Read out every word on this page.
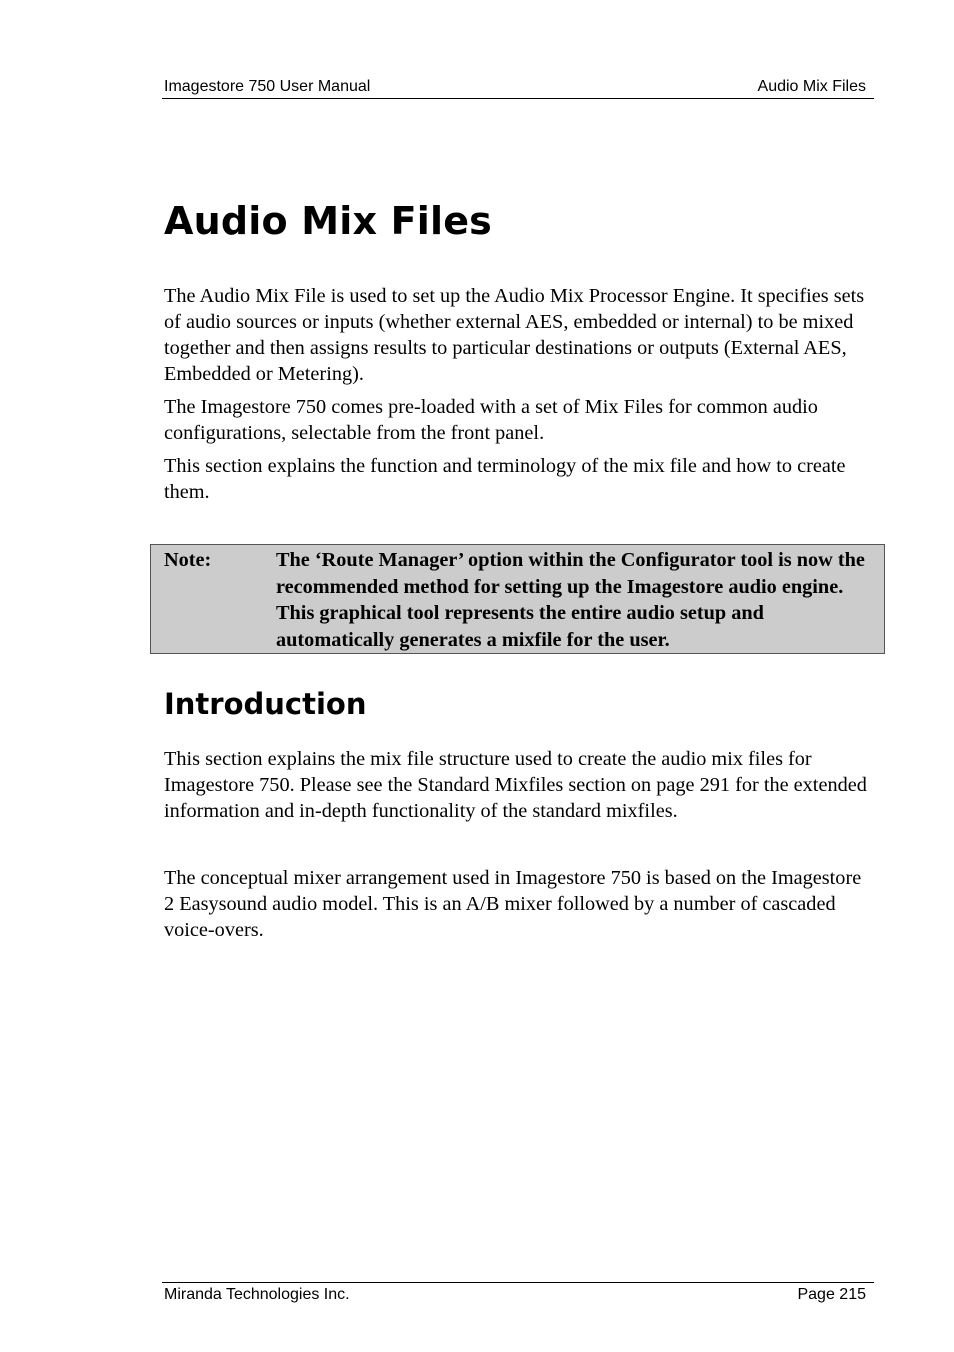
Imagestore 750 User Manual	Audio Mix Files
Audio Mix Files

The Audio Mix File is used to set up the Audio Mix Processor Engine. It specifies sets of audio sources or inputs (whether external AES, embedded or internal) to be mixed together and then assigns results to particular destinations or outputs (External AES, Embedded or Metering).

The Imagestore 750 comes pre-loaded with a set of Mix Files for common audio configurations, selectable from the front panel.

This section explains the function and terminology of the mix file and how to create them.

Introduction

This section explains the mix file structure used to create the audio mix files for Imagestore 750. Please see the Standard Mixfiles section on page 291 for the extended information and in-depth functionality of the standard mixfiles.

The conceptual mixer arrangement used in Imagestore 750 is based on the Imagestore 2 Easysound audio model. This is an A/B mixer followed by a number of cascaded voice-overs.

Note:	The ‘Route Manager’ option within the Configurator tool is now the recommended method for setting up the Imagestore audio engine. This graphical tool represents the entire audio setup and automatically generates a mixfile for the user.
Miranda Technologies Inc.	Page 215
